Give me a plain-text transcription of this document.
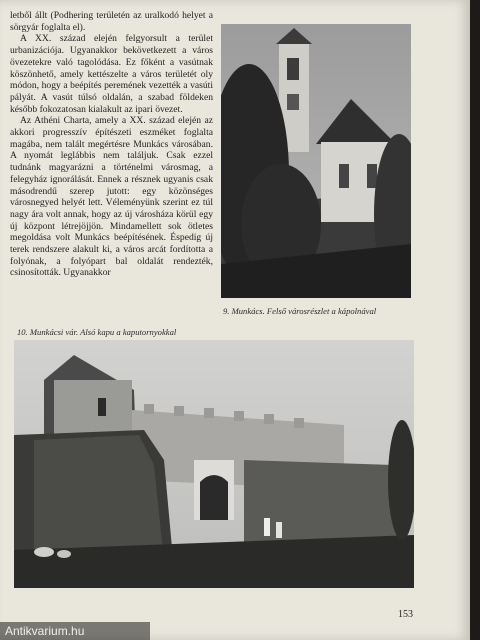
letből állt (Podhering területén az uralkodó helyet a sörgyár foglalta el).

A XX. század elején felgyorsult a terület urbanizációja. Ugyanakkor bekövetkezett a város övezetekre való tagolódása. Ez főként a vasútnak köszönhető, amely kettészelte a város területét oly módon, hogy a beépítés peremének vezették a vasúti pályát. A vasút túlsó oldalán, a szabad földeken később fokozatosan kialakult az ipari övezet.

Az Athéni Charta, amely a XX. század elején az akkori progresszív építészeti eszméket foglalta magába, nem talált megértésre Munkács városában. A nyomát leglábbis nem találjuk. Csak ezzel tudnánk magyarázni a történelmi városmag, a felegyház ignorálását. Ennek a résznek ugyanis csak másodrendű szerep jutott: egy közönséges városnegyed helyét lett. Véleményünk szerint ez túl nagy ára volt annak, hogy az új városháza körül egy új központ létrejöjjön. Mindamellett sok ötletes megoldása volt Munkács beépítésének. Éspedig új terek rendszere alakult ki, a város arcát fordította a folyónak, a folyópart bal oldalát rendezték, csinosították. Ugyanakkor

9. Munkács. Felső városrészlet a kápolnával
10. Munkácsi vár. Alsó kapu a kaputornyokkal
153
Antikvarium.hu
